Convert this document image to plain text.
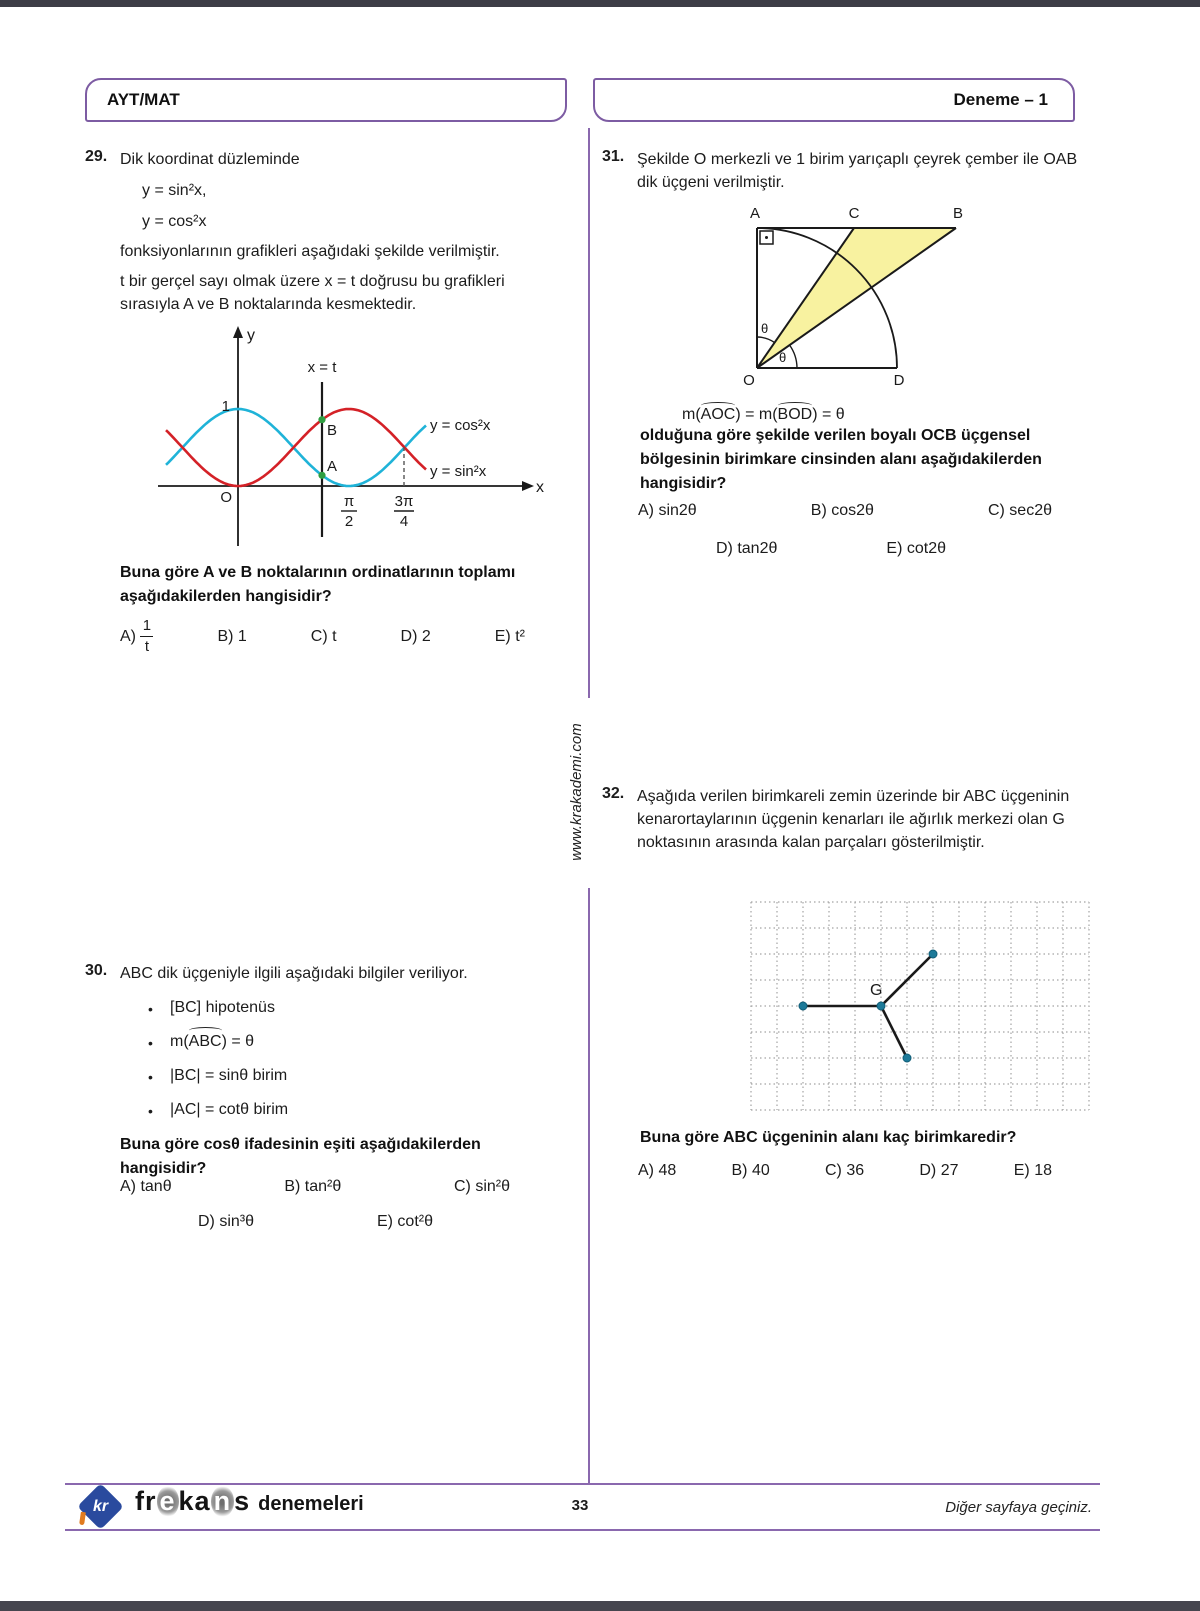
AYT/MAT	Deneme – 1
www.krakademi.com
29. Dik koordinat düzleminde
y = sin²x,
y = cos²x
fonksiyonlarının grafikleri aşağıdaki şekilde verilmiştir.
t bir gerçel sayı olmak üzere x = t doğrusu bu grafikleri sırasıyla A ve B noktalarında kesmektedir.
y
x
x = t
B
A
1
O	π
2
3π
4
y = cos²x
y = sin²x
Buna göre A ve B noktalarının ordinatlarının toplamı aşağıdakilerden hangisidir?
$A) \frac{1}{t}$	B) 1	C) t	D) 2	E) t²
30. ABC dik üçgeniyle ilgili aşağıdaki bilgiler veriliyor.
•	[BC] hipotenüs
•	m(ABC) = θ
•	|BC| = sinθ birim
•	|AC| = cotθ birim
Buna göre cosθ ifadesinin eşiti aşağıdakilerden hangisidir?
A) tanθ	B) tan²θ	C) sin²θ
D) sin³θ	E) cot²θ
31. Şekilde O merkezli ve 1 birim yarıçaplı çeyrek çember ile OAB dik üçgeni verilmiştir.
θ
θ
A	C	B
O	D
m(AOC) = m(BOD) = θ
olduğuna göre şekilde verilen boyalı OCB üçgensel bölgesinin birimkare cinsinden alanı aşağıdakilerden hangisidir?
A) sin2θ	B) cos2θ	C) sec2θ
D) tan2θ	E) cot2θ
32. Aşağıda verilen birimkareli zemin üzerinde bir ABC üçgeninin kenarortaylarının üçgenin kenarları ile ağırlık merkezi olan G noktasının arasında kalan parçaları gösterilmiştir.
G
Buna göre ABC üçgeninin alanı kaç birimkaredir?
A) 48	B) 40	C) 36	D) 27	E) 18
kr fr e ka n s denemeleri	33	Diğer sayfaya geçiniz.
